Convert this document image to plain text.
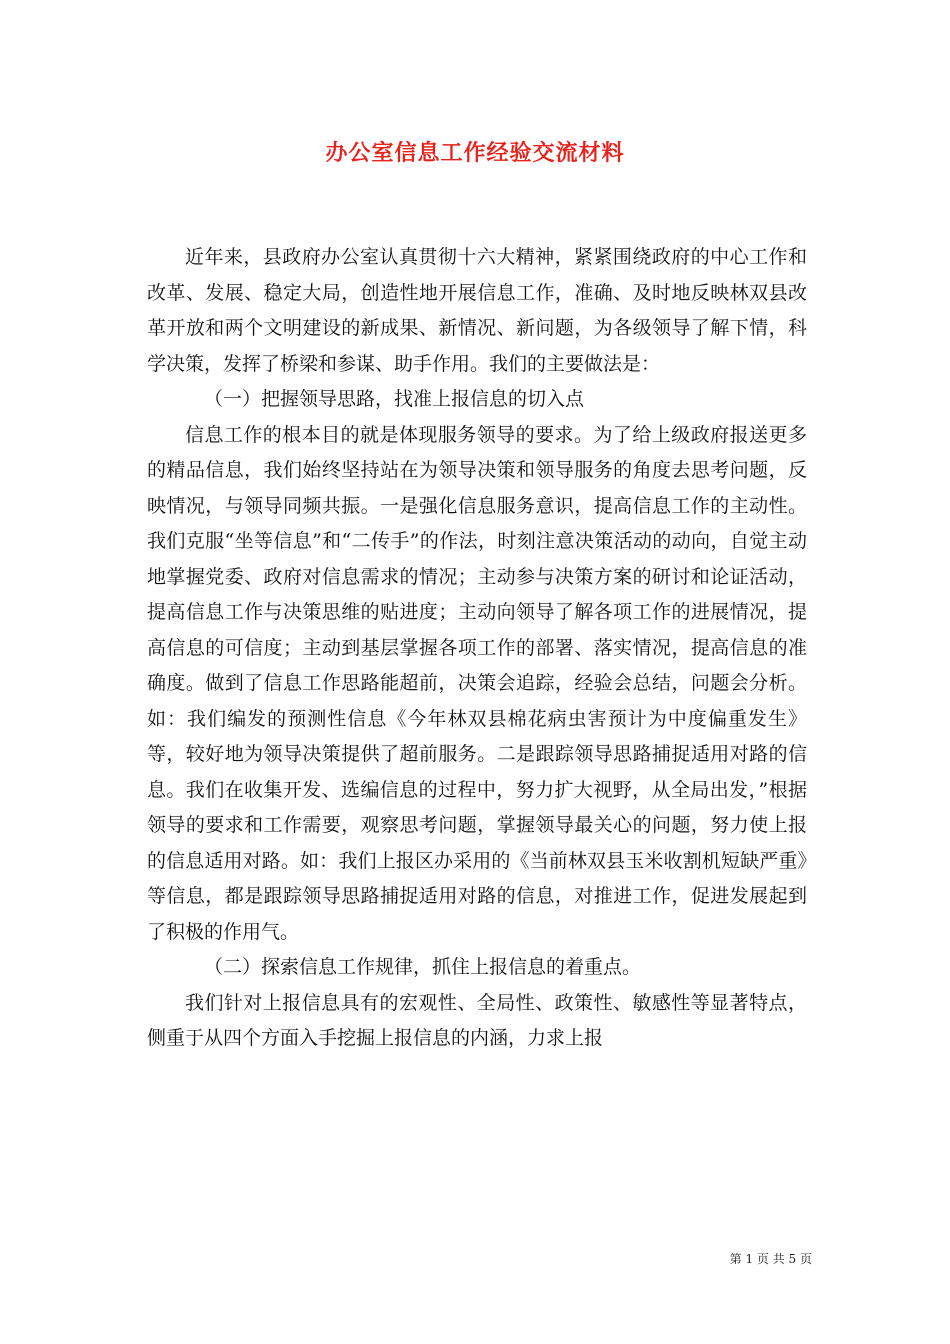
办公室信息工作经验交流材料

近年来，县政府办公室认真贯彻十六大精神，紧紧围绕政府的中心工作和改革、发展、稳定大局，创造性地开展信息工作，准确、及时地反映林双县改革开放和两个文明建设的新成果、新情况、新问题，为各级领导了解下情，科学决策，发挥了桥梁和参谋、助手作用。我们的主要做法是：

（一）把握领导思路，找准上报信息的切入点

信息工作的根本目的就是体现服务领导的要求。为了给上级政府报送更多的精品信息，我们始终坚持站在为领导决策和领导服务的角度去思考问题，反映情况，与领导同频共振。一是强化信息服务意识，提高信息工作的主动性。我们克服“坐等信息”和“二传手”的作法，时刻注意决策活动的动向，自觉主动地掌握党委、政府对信息需求的情况；主动参与决策方案的研讨和论证活动，提高信息工作与决策思维的贴进度；主动向领导了解各项工作的进展情况，提高信息的可信度；主动到基层掌握各项工作的部署、落实情况，提高信息的准确度。做到了信息工作思路能超前，决策会追踪，经验会总结，问题会分析。如：我们编发的预测性信息《今年林双县棉花病虫害预计为中度偏重发生》等，较好地为领导决策提供了超前服务。二是跟踪领导思路捕捉适用对路的信息。我们在收集开发、选编信息的过程中，努力扩大视野，从全局出发，”根据领导的要求和工作需要，观察思考问题，掌握领导最关心的问题，努力使上报的信息适用对路。如：我们上报区办采用的《当前林双县玉米收割机短缺严重》等信息，都是跟踪领导思路捕捉适用对路的信息，对推进工作，促进发展起到了积极的作用气。

（二）探索信息工作规律，抓住上报信息的着重点。

我们针对上报信息具有的宏观性、全局性、政策性、敏感性等显著特点，侧重于从四个方面入手挖掘上报信息的内涵，力求上报

第 1 页 共 5 页
